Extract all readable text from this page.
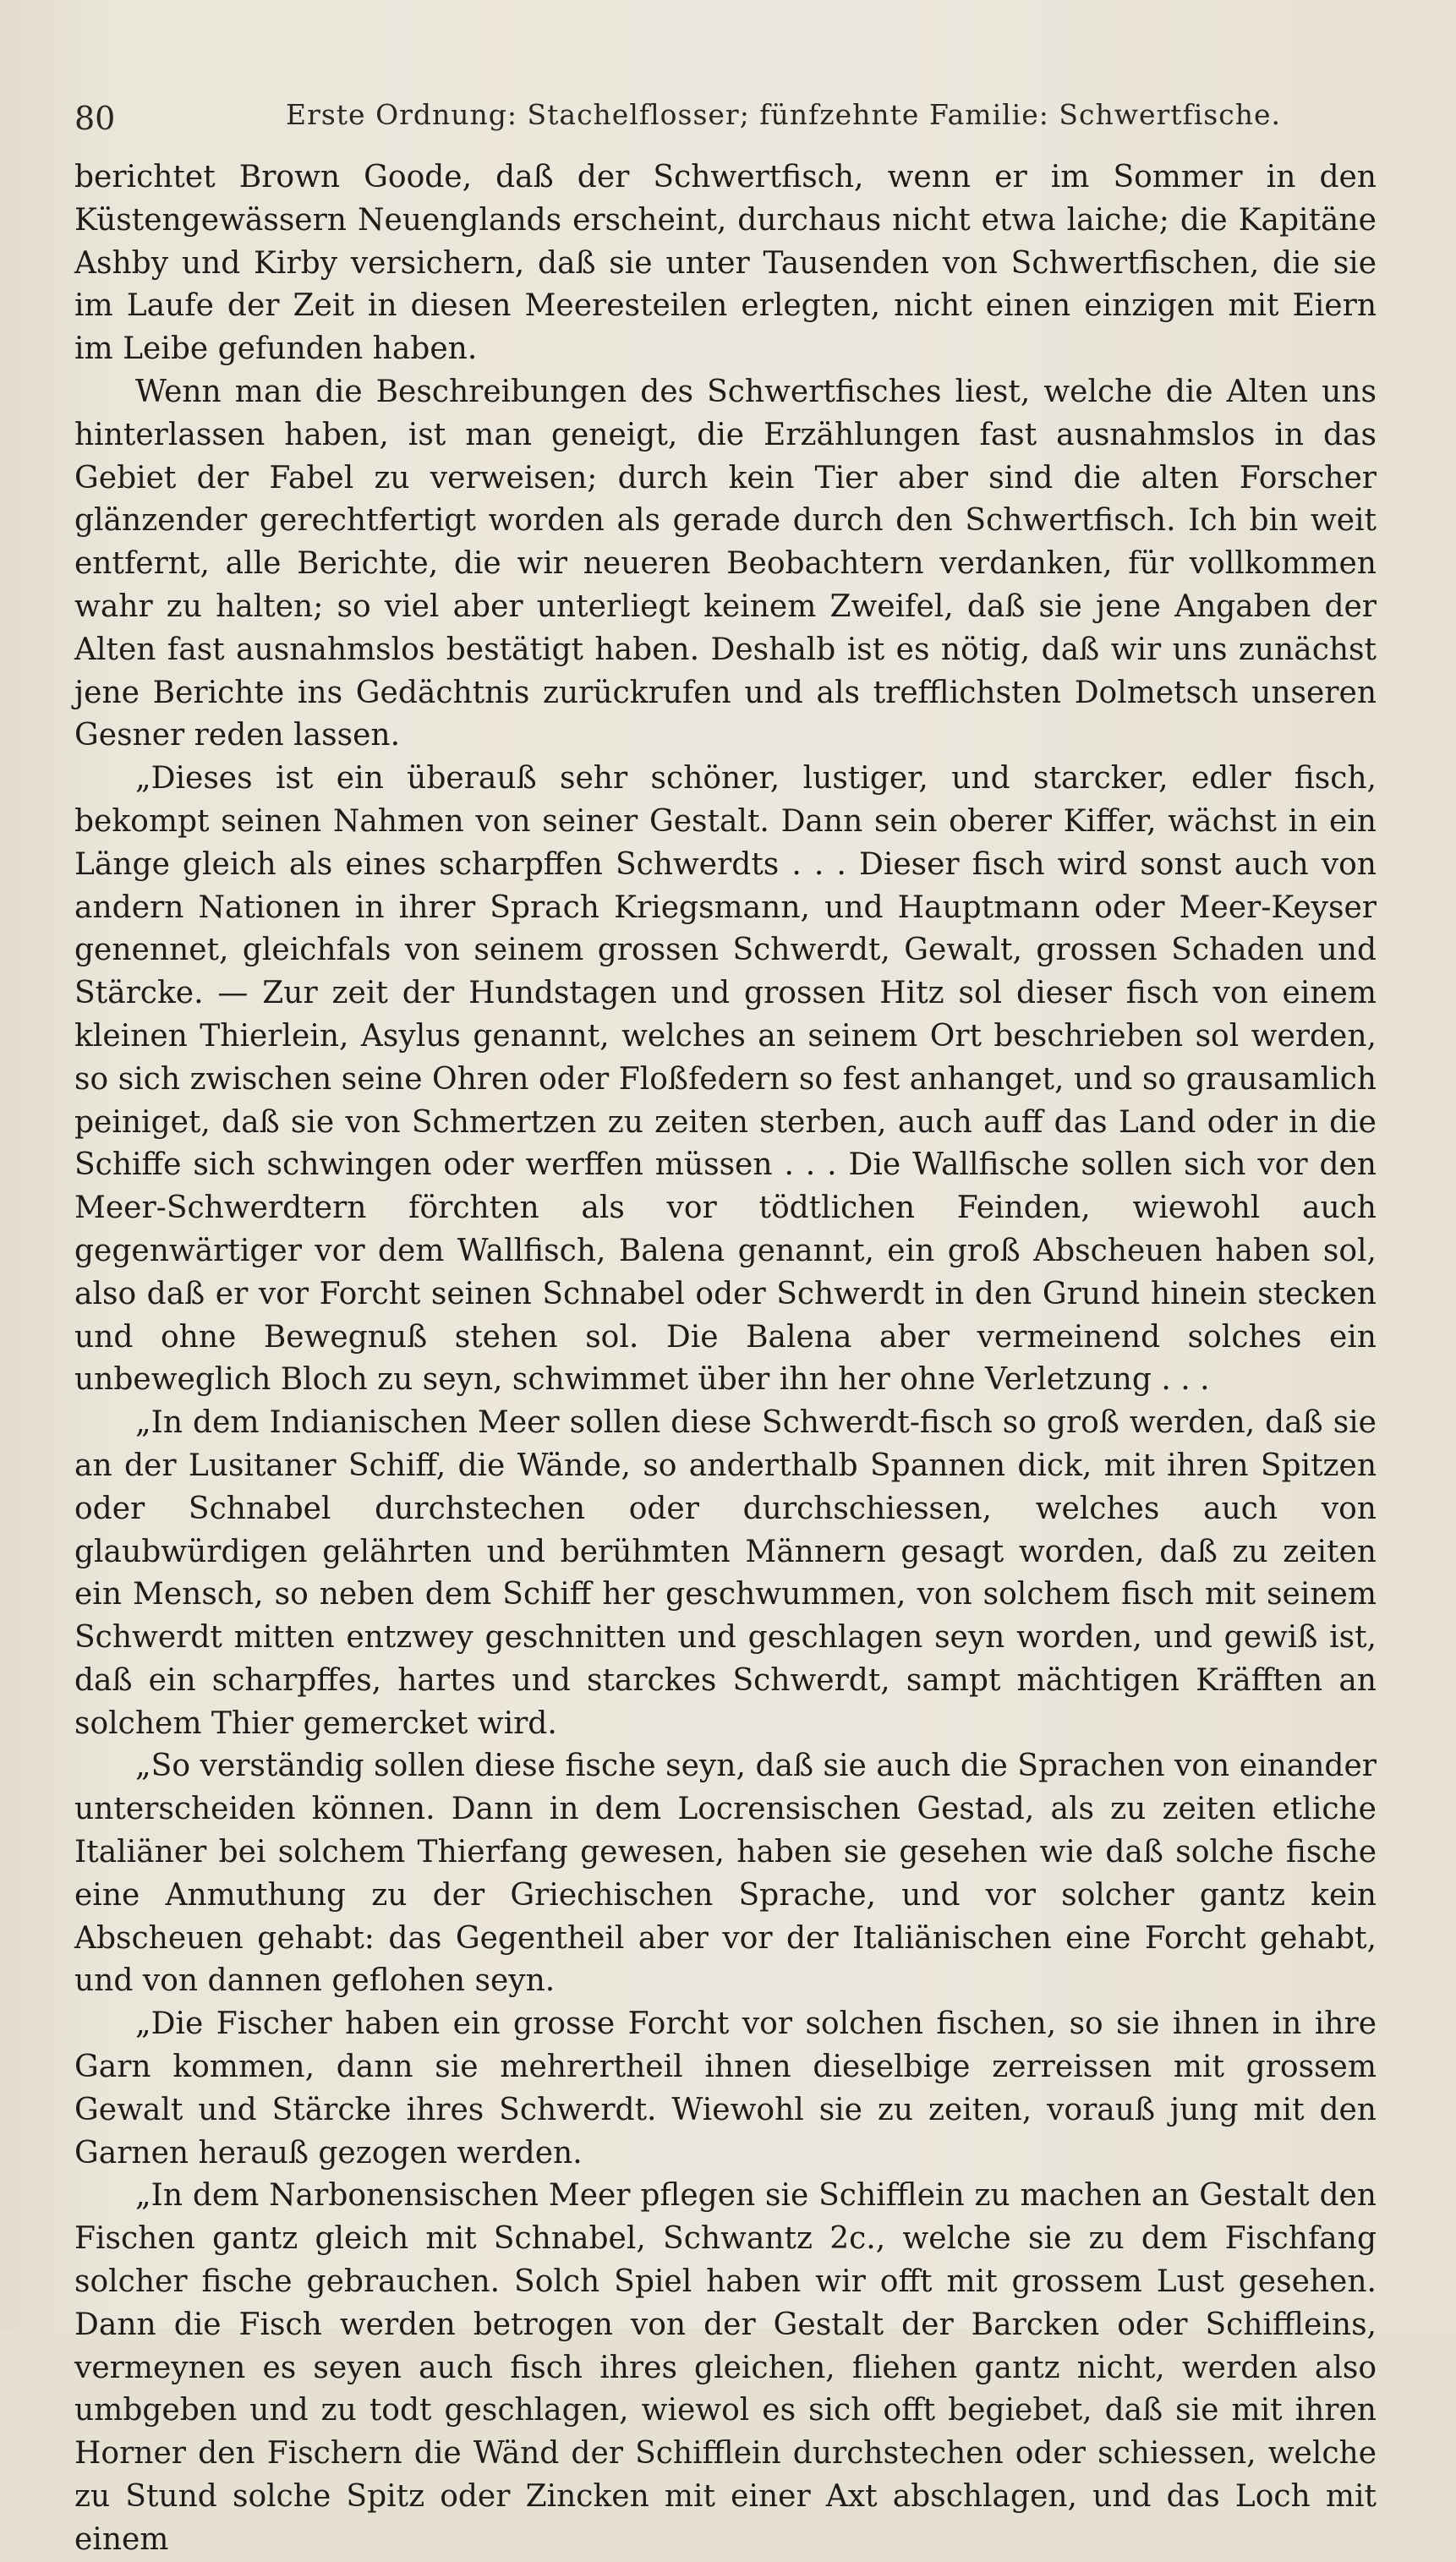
80	Erste Ordnung: Stachelflosser; fünfzehnte Familie: Schwertfische.

berichtet Brown Goode, daß der Schwertfisch, wenn er im Sommer in den Küstengewässern Neuenglands erscheint, durchaus nicht etwa laiche; die Kapitäne Ashby und Kirby versichern, daß sie unter Tausenden von Schwertfischen, die sie im Laufe der Zeit in diesen Meeresteilen erlegten, nicht einen einzigen mit Eiern im Leibe gefunden haben.

Wenn man die Beschreibungen des Schwertfisches liest, welche die Alten uns hinterlassen haben, ist man geneigt, die Erzählungen fast ausnahmslos in das Gebiet der Fabel zu verweisen; durch kein Tier aber sind die alten Forscher glänzender gerechtfertigt worden als gerade durch den Schwertfisch. Ich bin weit entfernt, alle Berichte, die wir neueren Beobachtern verdanken, für vollkommen wahr zu halten; so viel aber unterliegt keinem Zweifel, daß sie jene Angaben der Alten fast ausnahmslos bestätigt haben. Deshalb ist es nötig, daß wir uns zunächst jene Berichte ins Gedächtnis zurückrufen und als trefflichsten Dolmetsch unseren Gesner reden lassen.

„Dieses ist ein überauß sehr schöner, lustiger, und starcker, edler fisch, bekompt seinen Nahmen von seiner Gestalt. Dann sein oberer Kiffer, wächst in ein Länge gleich als eines scharpffen Schwerdts . . . Dieser fisch wird sonst auch von andern Nationen in ihrer Sprach Kriegsmann, und Hauptmann oder Meer-Keyser genennet, gleichfals von seinem grossen Schwerdt, Gewalt, grossen Schaden und Stärcke. — Zur zeit der Hundstagen und grossen Hitz sol dieser fisch von einem kleinen Thierlein, Asylus genannt, welches an seinem Ort beschrieben sol werden, so sich zwischen seine Ohren oder Floßfedern so fest anhanget, und so grausamlich peiniget, daß sie von Schmertzen zu zeiten sterben, auch auff das Land oder in die Schiffe sich schwingen oder werffen müssen . . . Die Wallfische sollen sich vor den Meer-Schwerdtern förchten als vor tödtlichen Feinden, wiewohl auch gegenwärtiger vor dem Wallfisch, Balena genannt, ein groß Abscheuen haben sol, also daß er vor Forcht seinen Schnabel oder Schwerdt in den Grund hinein stecken und ohne Bewegnuß stehen sol. Die Balena aber vermeinend solches ein unbeweglich Bloch zu seyn, schwimmet über ihn her ohne Verletzung . . .

„In dem Indianischen Meer sollen diese Schwerdt-fisch so groß werden, daß sie an der Lusitaner Schiff, die Wände, so anderthalb Spannen dick, mit ihren Spitzen oder Schnabel durchstechen oder durchschiessen, welches auch von glaubwürdigen gelährten und berühmten Männern gesagt worden, daß zu zeiten ein Mensch, so neben dem Schiff her geschwummen, von solchem fisch mit seinem Schwerdt mitten entzwey geschnitten und geschlagen seyn worden, und gewiß ist, daß ein scharpffes, hartes und starckes Schwerdt, sampt mächtigen Kräfften an solchem Thier gemercket wird.

„So verständig sollen diese fische seyn, daß sie auch die Sprachen von einander unterscheiden können. Dann in dem Locrensischen Gestad, als zu zeiten etliche Italiäner bei solchem Thierfang gewesen, haben sie gesehen wie daß solche fische eine Anmuthung zu der Griechischen Sprache, und vor solcher gantz kein Abscheuen gehabt: das Gegentheil aber vor der Italiänischen eine Forcht gehabt, und von dannen geflohen seyn.

„Die Fischer haben ein grosse Forcht vor solchen fischen, so sie ihnen in ihre Garn kommen, dann sie mehrertheil ihnen dieselbige zerreissen mit grossem Gewalt und Stärcke ihres Schwerdt. Wiewohl sie zu zeiten, vorauß jung mit den Garnen herauß gezogen werden.

„In dem Narbonensischen Meer pflegen sie Schifflein zu machen an Gestalt den Fischen gantz gleich mit Schnabel, Schwantz 2c., welche sie zu dem Fischfang solcher fische gebrauchen. Solch Spiel haben wir offt mit grossem Lust gesehen. Dann die Fisch werden betrogen von der Gestalt der Barcken oder Schiffleins, vermeynen es seyen auch fisch ihres gleichen, fliehen gantz nicht, werden also umbgeben und zu todt geschlagen, wiewol es sich offt begiebet, daß sie mit ihren Horner den Fischern die Wänd der Schifflein durchstechen oder schiessen, welche zu Stund solche Spitz oder Zincken mit einer Axt abschlagen, und das Loch mit einem
